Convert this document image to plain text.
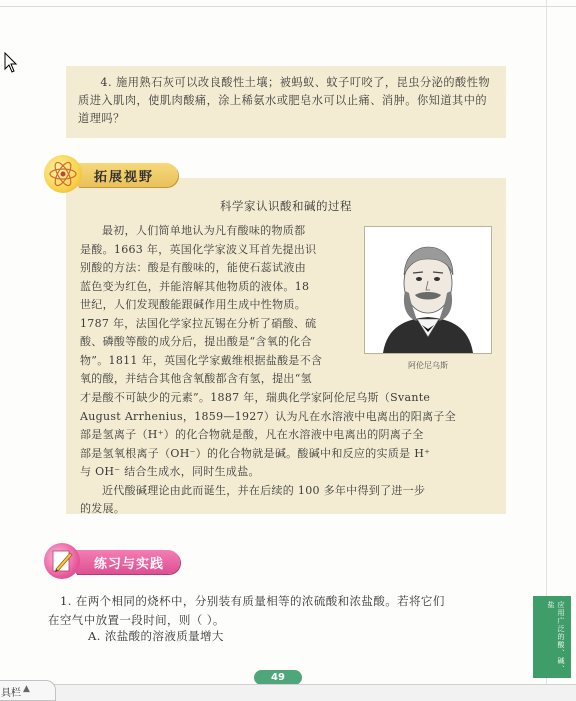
4. 施用熟石灰可以改良酸性土壤；被蚂蚁、蚊子叮咬了，昆虫分泌的酸性物质进入肌肉，使肌肉酸痛，涂上稀氨水或肥皂水可以止痛、消肿。你知道其中的道理吗？

科学家认识酸和碱的过程
最初，人们简单地认为凡有酸味的物质都
是酸。1663 年，英国化学家波义耳首先提出识
别酸的方法：酸是有酸味的，能使石蕊试液由
蓝色变为红色，并能溶解其他物质的液体。18
世纪，人们发现酸能跟碱作用生成中性物质。
1787 年，法国化学家拉瓦锡在分析了硝酸、硫
酸、磷酸等酸的成分后，提出酸是“含氧的化合
物”。1811 年，英国化学家戴维根据盐酸是不含
氧的酸，并结合其他含氧酸都含有氢，提出“氢
才是酸不可缺少的元素”。1887 年，瑞典化学家阿伦尼乌斯（Svante
August Arrhenius，1859—1927）认为凡在水溶液中电离出的阳离子全
部是氢离子（H⁺）的化合物就是酸，凡在水溶液中电离出的阴离子全
部是氢氧根离子（OH⁻）的化合物就是碱。酸碱中和反应的实质是 H⁺
与 OH⁻ 结合生成水，同时生成盐。
近代酸碱理论由此而诞生，并在后续的 100 多年中得到了进一步
的发展。
阿伦尼乌斯
拓展视野
练习与实践
1. 在两个相同的烧杯中，分别装有质量相等的浓硫酸和浓盐酸。若将它们
在空气中放置一段时间，则（ ）。
A. 浓盐酸的溶液质量增大	应用广泛的酸、碱、盐
49
具栏 ▲
